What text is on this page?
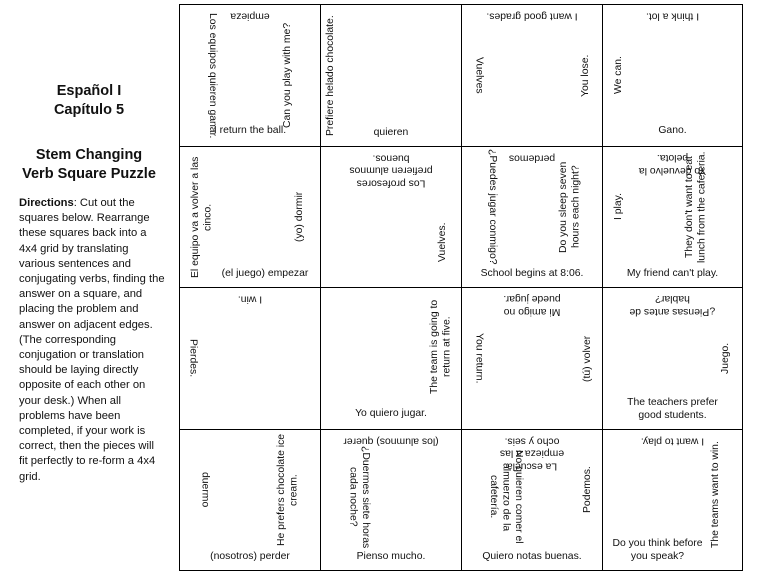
Español I
Capítulo 5
Stem Changing
Verb Square Puzzle
Directions: Cut out the squares below. Rearrange these squares back into a 4x4 grid by translating various sentences and conjugating verbs, finding the answer on a square, and placing the problem and answer on adjacent edges. (The corresponding conjugation or translation should be laying directly opposite of each other on your desk.) When all problems have been completed, if your work is correct, then the pieces will fit perfectly to re-form a 4x4 grid.
empieza
Can you play with me?
I return the ball.
Los equipos quieren ganar.	quieren
Prefiere helado chocolate.	I want good grades.
You lose.
Vuelves
I think a lot.
Gano.
We can.
El equipo va a volver a las cinco.	(yo) dormir
(el juego) empezar
Los profesores prefieren alumnos buenos.
Vuelves.
perdemos
Do you sleep seven hours each night?
School begins at 8:06.
¿Puedes jugar conmigo?	Yo devuelvo la pelota.
They don't want to eat lunch from the cafeteria.
My friend can't play.
I play.
I win.
Pierdes.	The team is going to return at five.
Yo quiero jugar.
Mi amigo no puede jugar.
(tú) volver
You return.
¿Piensas antes de hablar?
Juego.
The teachers prefer good students.
He prefers chocolate ice cream.
(nosotros) perder
duermo
(los alumnos) querer
¿Duermes siete horas cada noche?
Pienso mucho.
La escuela empieza a las ocho y seis.
No quieren comer el almuerzo de la cafetería.	Podemos.
Quiero notas buenas.
I want to play.
The teams want to win.
Do you think before you speak?
